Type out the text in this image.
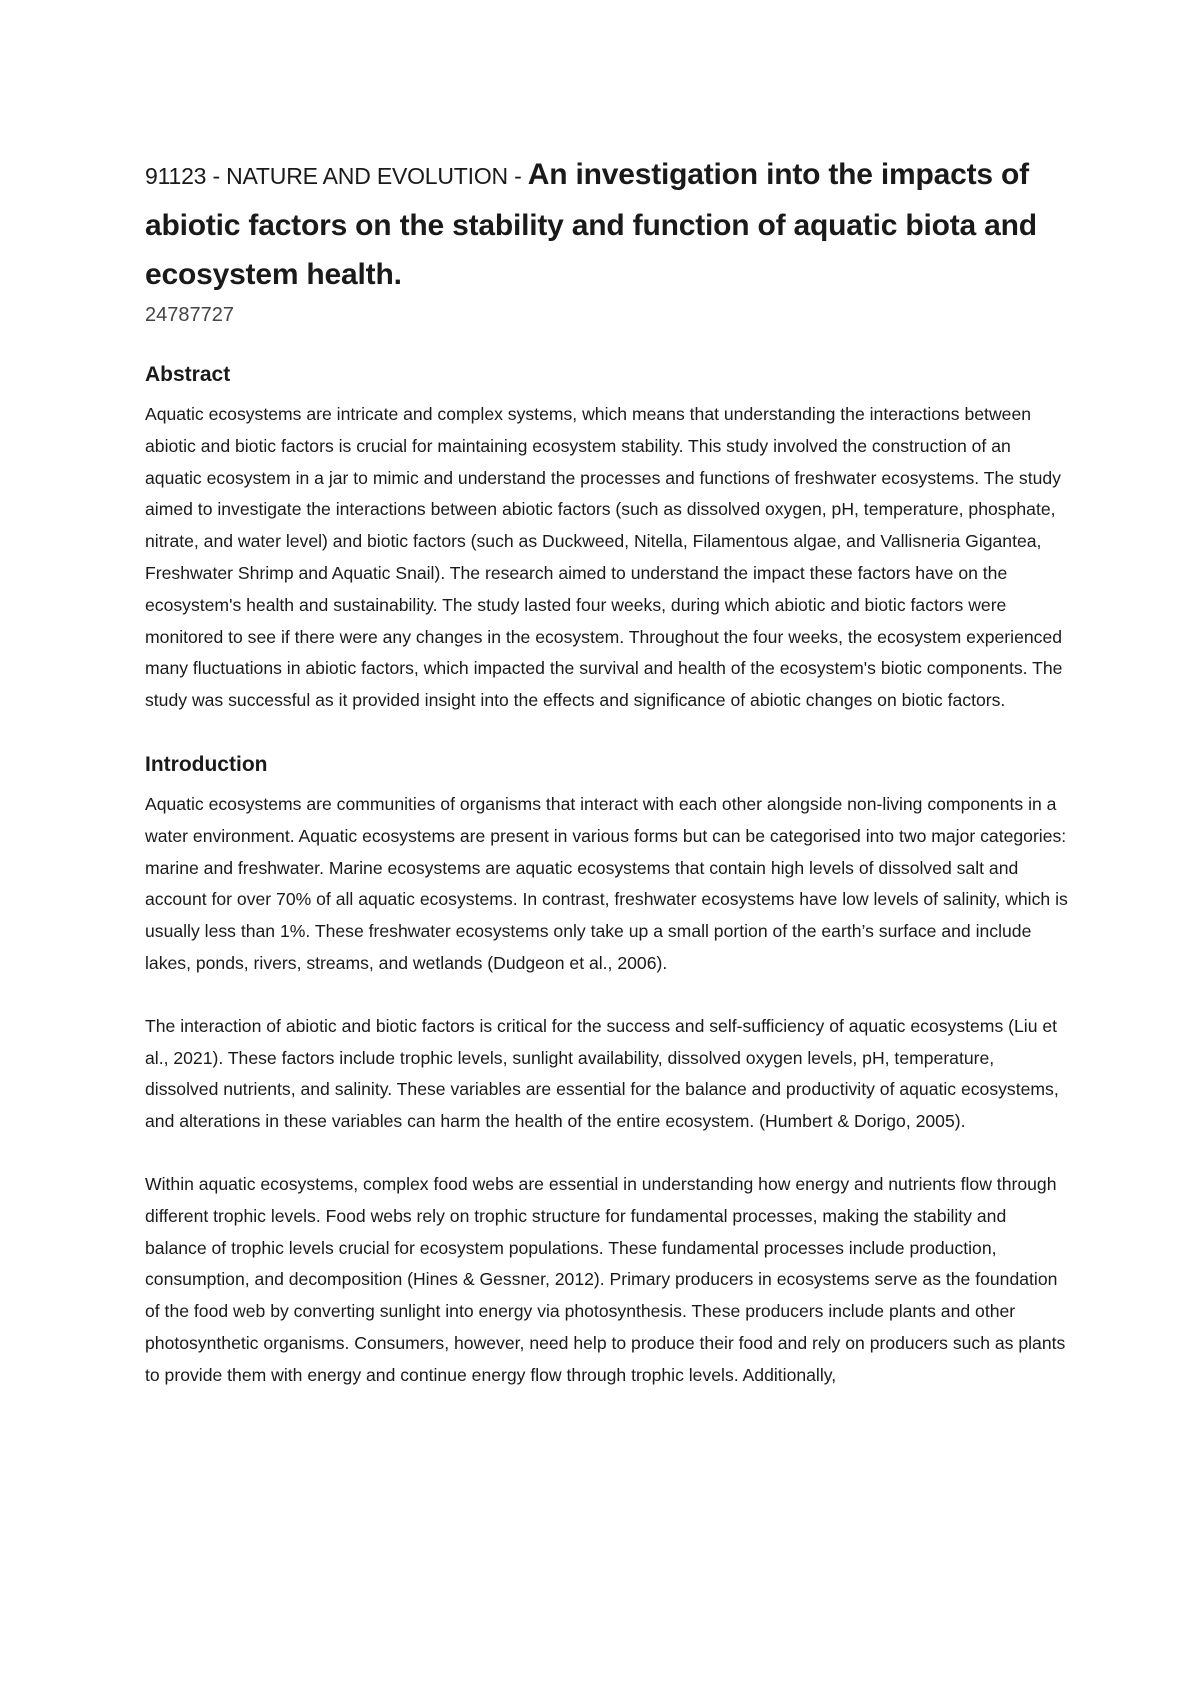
91123 - NATURE AND EVOLUTION - An investigation into the impacts of abiotic factors on the stability and function of aquatic biota and ecosystem health.
24787727
Abstract

Aquatic ecosystems are intricate and complex systems, which means that understanding the interactions between abiotic and biotic factors is crucial for maintaining ecosystem stability. This study involved the construction of an aquatic ecosystem in a jar to mimic and understand the processes and functions of freshwater ecosystems. The study aimed to investigate the interactions between abiotic factors (such as dissolved oxygen, pH, temperature, phosphate, nitrate, and water level) and biotic factors (such as Duckweed, Nitella, Filamentous algae, and Vallisneria Gigantea, Freshwater Shrimp and Aquatic Snail). The research aimed to understand the impact these factors have on the ecosystem's health and sustainability. The study lasted four weeks, during which abiotic and biotic factors were monitored to see if there were any changes in the ecosystem. Throughout the four weeks, the ecosystem experienced many fluctuations in abiotic factors, which impacted the survival and health of the ecosystem's biotic components. The study was successful as it provided insight into the effects and significance of abiotic changes on biotic factors.

Introduction

Aquatic ecosystems are communities of organisms that interact with each other alongside non-living components in a water environment. Aquatic ecosystems are present in various forms but can be categorised into two major categories: marine and freshwater. Marine ecosystems are aquatic ecosystems that contain high levels of dissolved salt and account for over 70% of all aquatic ecosystems. In contrast, freshwater ecosystems have low levels of salinity, which is usually less than 1%. These freshwater ecosystems only take up a small portion of the earth’s surface and include lakes, ponds, rivers, streams, and wetlands (Dudgeon et al., 2006).

The interaction of abiotic and biotic factors is critical for the success and self-sufficiency of aquatic ecosystems (Liu et al., 2021). These factors include trophic levels, sunlight availability, dissolved oxygen levels, pH, temperature, dissolved nutrients, and salinity. These variables are essential for the balance and productivity of aquatic ecosystems, and alterations in these variables can harm the health of the entire ecosystem. (Humbert & Dorigo, 2005).

Within aquatic ecosystems, complex food webs are essential in understanding how energy and nutrients flow through different trophic levels. Food webs rely on trophic structure for fundamental processes, making the stability and balance of trophic levels crucial for ecosystem populations. These fundamental processes include production, consumption, and decomposition (Hines & Gessner, 2012). Primary producers in ecosystems serve as the foundation of the food web by converting sunlight into energy via photosynthesis. These producers include plants and other photosynthetic organisms. Consumers, however, need help to produce their food and rely on producers such as plants to provide them with energy and continue energy flow through trophic levels. Additionally,
